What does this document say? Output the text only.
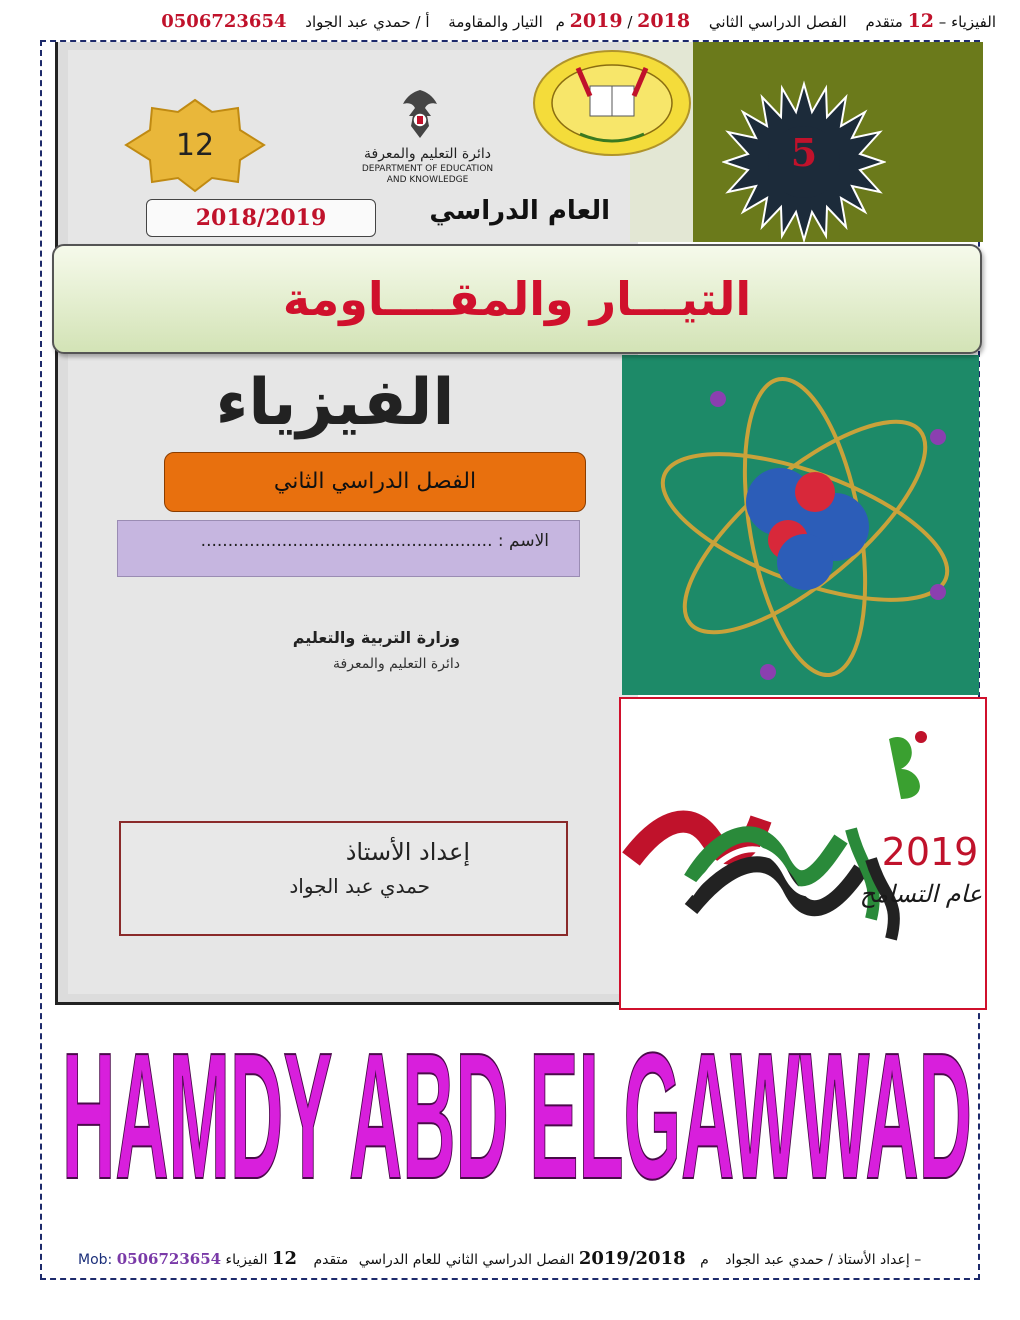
الفيزياء – 12 متقدم الفصل الدراسي الثاني 2018 / 2019 م التيار والمقاومة أ / حمدي عبد الجواد 0506723654
12	دائرة التعليم والمعرفة
DEPARTMENT OF EDUCATION
AND KNOWLEDGE
العام الدراسي
2018/2019
5
التيـــار والمقــــاومة
الفيزياء
الفصل الدراسي الثاني
الاسم : ......................................................
وزارة التربية والتعليم
دائرة التعليم والمعرفة
إعداد الأستاذ
حمدي عبد الجواد
2019
عام التسامح
HAMDY ABD ELGAWWAD
Mob: 0506723654	إعداد الأستاذ / حمدي عبد الجواد م 2019/2018 الفصل الدراسي الثاني للعام الدراسي متقدم 12 الفيزياء –
